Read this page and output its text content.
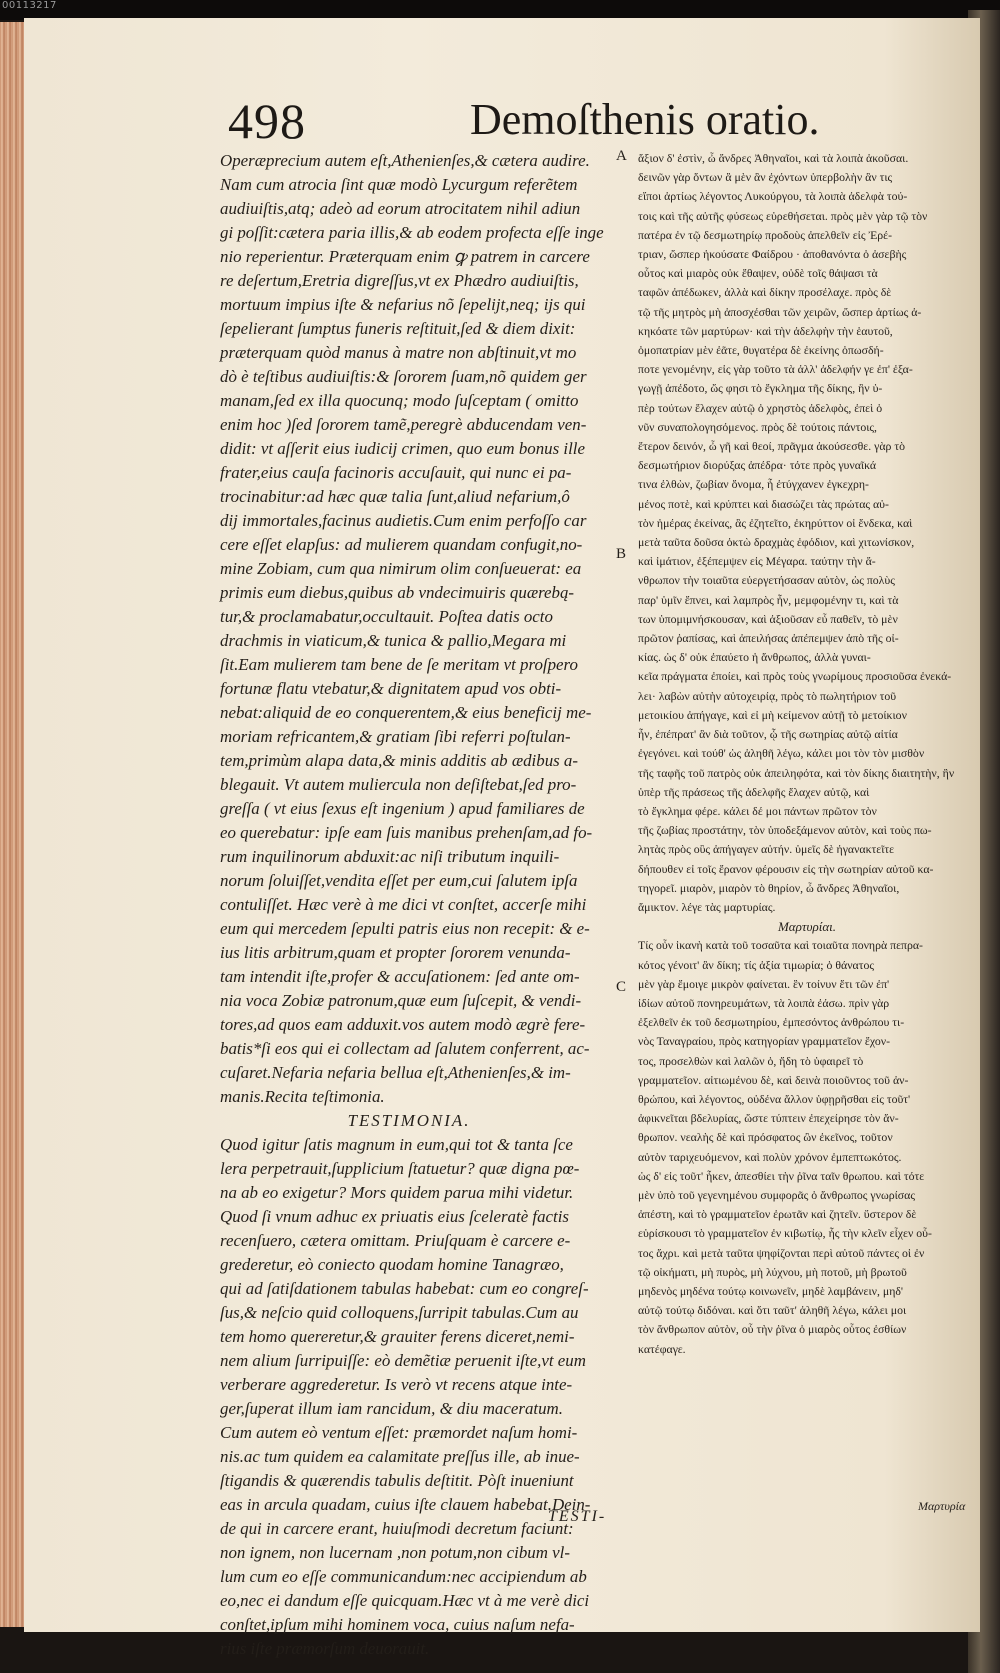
00113217
498	Demoſthenis oratio.
A
B
C
Operæprecium autem eſt,Athenienſes,& cætera audire.
Nam cum atrocia ſint quæ modò Lycurgum referẽtem
audiuiſtis,atq; adeò ad eorum atrocitatem nihil adiun
gi poſſit:cætera paria illis,& ab eodem profecta eſſe inge
nio reperientur. Præterquam enim ꝙ patrem in carcere
re deſertum,Eretria digreſſus,vt ex Phædro audiuiſtis,
mortuum impius iſte & nefarius nõ ſepelijt,neq; ijs qui
ſepelierant ſumptus funeris reſtituit,ſed & diem dixit:
præterquam quòd manus à matre non abſtinuit,vt mo
dò è teſtibus audiuiſtis:& ſororem ſuam,nõ quidem ger
manam,ſed ex illa quocunq; modo ſuſceptam ( omitto
enim hoc )ſed ſororem tamẽ,peregrè abducendam ven-
didit: vt aſſerit eius iudicij crimen, quo eum bonus ille
frater,eius cauſa facinoris accuſauit, qui nunc ei pa-
trocinabitur:ad hæc quæ talia ſunt,aliud nefarium,ô
dij immortales,facinus audietis.Cum enim perfoſſo car
cere eſſet elapſus: ad mulierem quandam confugit,no-
mine Zobiam, cum qua nimirum olim conſueuerat: ea
primis eum diebus,quibus ab vndecimuiris quærebą-
tur,& proclamabatur,occultauit. Poſtea datis octo
drachmis in viaticum,& tunica & pallio,Megara mi
ſit.Eam mulierem tam bene de ſe meritam vt proſpero
fortunæ flatu vtebatur,& dignitatem apud vos obti-
nebat:aliquid de eo conquerentem,& eius beneficij me-
moriam refricantem,& gratiam ſibi referri poſtulan-
tem,primùm alapa data,& minis additis ab ædibus a-
blegauit. Vt autem muliercula non deſiſtebat,ſed pro-
greſſa ( vt eius ſexus eſt ingenium ) apud familiares de
eo querebatur: ipſe eam ſuis manibus prehenſam,ad fo-
rum inquilinorum abduxit:ac niſi tributum inquili-
norum ſoluiſſet,vendita eſſet per eum,cui ſalutem ipſa
contuliſſet. Hæc verè à me dici vt conſtet, accerſe mihi
eum qui mercedem ſepulti patris eius non recepit: & e-
ius litis arbitrum,quam et propter ſororem venunda-
tam intendit iſte,profer & accuſationem: ſed ante om-
nia voca Zobiæ patronum,quæ eum ſuſcepit, & vendi-
tores,ad quos eam adduxit.vos autem modò ægrè fere-
batis*ſi eos qui ei collectam ad ſalutem conferrent, ac-
cuſaret.Nefaria nefaria bellua eſt,Athenienſes,& im-
manis.Recita teſtimonia.
TESTIMONIA.
Quod igitur ſatis magnum in eum,qui tot & tanta ſce
lera perpetrauit,ſupplicium ſtatuetur? quæ digna pœ-
na ab eo exigetur? Mors quidem parua mihi videtur.
Quod ſi vnum adhuc ex priuatis eius ſceleratè factis
recenſuero, cætera omittam. Priuſquam è carcere e-
grederetur, eò coniecto quodam homine Tanagræo,
qui ad ſatiſdationem tabulas habebat: cum eo congreſ-
ſus,& neſcio quid colloquens,ſurripit tabulas.Cum au
tem homo quereretur,& grauiter ferens diceret,nemi-
nem alium ſurripuiſſe: eò demẽtiæ peruenit iſte,vt eum
verberare aggrederetur. Is verò vt recens atque inte-
ger,ſuperat illum iam rancidum, & diu maceratum.
Cum autem eò ventum eſſet: præmordet naſum homi-
nis.ac tum quidem ea calamitate preſſus ille, ab inue-
ſtigandis & quærendis tabulis deſtitit. Pòſt inueniunt
eas in arcula quadam, cuius iſte clauem habebat.Dein-
de qui in carcere erant, huiuſmodi decretum faciunt:
non ignem, non lucernam ,non potum,non cibum vl-
lum cum eo eſſe communicandum:nec accipiendum ab
eo,nec ei dandum eſſe quicquam.Hæc vt à me verè dici
conſtet,ipſum mihi hominem voca, cuius naſum nefa-
rius iſte præmorſum deuorauit.
ἄξιον δ' ἐστὶν, ὦ ἄνδρες Ἀθηναῖοι, καὶ τὰ λοιπὰ ἀκοῦσαι.
δεινῶν γὰρ ὄντων ἃ μὲν ἂν ἐχόντων ὑπερβολὴν ἂν τις
εἴποι ἀρτίως λέγοντος Λυκούργου, τὰ λοιπὰ ἀδελφὰ τού-
τοις καὶ τῆς αὐτῆς φύσεως εὑρεθήσεται. πρὸς μὲν γὰρ τῷ τὸν
πατέρα ἐν τῷ δεσμωτηρίῳ προδοὺς ἀπελθεῖν εἰς Ἐρέ-
τριαν, ὥσπερ ἠκούσατε Φαίδρου · ἀποθανόντα ὁ ἀσεβὴς
οὗτος καὶ μιαρὸς οὐκ ἔθαψεν, οὐδὲ τοῖς θάψασι τὰ
ταφῶν ἀπέδωκεν, ἀλλὰ καὶ δίκην προσέλαχε. πρὸς δὲ
τῷ τῆς μητρὸς μὴ ἀποσχέσθαι τῶν χειρῶν, ὥσπερ ἀρτίως ἀ-
κηκόατε τῶν μαρτύρων· καὶ τὴν ἀδελφὴν τὴν ἑαυτοῦ,
ὁμοπατρίαν μὲν ἐᾶτε, θυγατέρα δὲ ἐκείνης ὁπωσδή-
ποτε γενομένην, εἰς γὰρ τοῦτο τὰ ἀλλ' ἀδελφήν γε ἐπ' ἐξα-
γωγῇ ἀπέδοτο, ὥς φησι τὸ ἔγκλημα τῆς δίκης, ἣν ὑ-
πὲρ τούτων ἔλαχεν αὐτῷ ὁ χρηστὸς ἀδελφὸς, ἐπεὶ ὁ
νῦν συναπολογησόμενος. πρὸς δὲ τούτοις πάντοις,
ἕτερον δεινόν, ὦ γῆ καὶ θεοί, πρᾶγμα ἀκούσεσθε. γὰρ τὸ
δεσμωτήριον διορύξας ἀπέδρα· τότε πρὸς γυναῖκά
τινα ἐλθὼν, ζωβίαν ὄνομα, ἧ ἐτύγχανεν ἐγκεχρη-
μένος ποτὲ, καὶ κρύπτει καὶ διασώζει τὰς πρώτας αὐ-
τὸν ἡμέρας ἐκείνας, ἃς ἐζητεῖτο, ἐκηρύττον οἱ ἕνδεκα, καὶ
μετὰ ταῦτα δοῦσα ὀκτὼ δραχμὰς ἐφόδιον, καὶ χιτωνίσκον,
καὶ ἱμάτιον, ἐξέπεμψεν εἰς Μέγαρα. ταύτην τὴν ἄ-
νθρωπον τὴν τοιαῦτα εὐεργετήσασαν αὐτὸν, ὡς πολὺς
παρ' ὑμῖν ἔπνει, καὶ λαμπρὸς ἦν, μεμφομένην τι, καὶ τὰ
των ὑπομιμνήσκουσαν, καὶ ἀξιοῦσαν εὖ παθεῖν, τὸ μὲν
πρῶτον ῥαπίσας, καὶ ἀπειλήσας ἀπέπεμψεν ἀπὸ τῆς οἰ-
κίας. ὡς δ' οὐκ ἐπαύετο ἡ ἄνθρωπος, ἀλλὰ γυναι-
κεῖα πράγματα ἐποίει, καὶ πρὸς τοὺς γνωρίμους προσιοῦσα ἐνεκά-
λει· λαβὼν αὐτὴν αὐτοχειρίᾳ, πρὸς τὸ πωλητήριον τοῦ
μετοικίου ἀπήγαγε, καὶ εἰ μὴ κείμενον αὐτῇ τὸ μετοίκιον
ἦν, ἐπέπρατ' ἂν διὰ τοῦτον, ᾧ τῆς σωτηρίας αὐτῷ αἰτία
ἐγεγόνει. καὶ τούθ' ὡς ἀληθῆ λέγω, κάλει μοι τὸν τὸν μισθὸν
τῆς ταφῆς τοῦ πατρὸς οὐκ ἀπειληφότα, καὶ τὸν δίκης διαιτητὴν, ἣν
ὑπὲρ τῆς πράσεως τῆς ἀδελφῆς ἔλαχεν αὐτῷ, καὶ
τὸ ἔγκλημα φέρε. κάλει δέ μοι πάντων πρῶτον τὸν
τῆς ζωβίας προστάτην, τὸν ὑποδεξάμενον αὐτὸν, καὶ τοὺς πω-
λητὰς πρὸς οὓς ἀπήγαγεν αὐτήν. ὑμεῖς δὲ ἠγανακτεῖτε
δήπουθεν εἰ τοῖς ἔρανον φέρουσιν εἰς τὴν σωτηρίαν αὐτοῦ κα-
τηγορεῖ. μιαρὸν, μιαρὸν τὸ θηρίον, ὦ ἄνδρες Ἀθηναῖοι,
ἄμικτον. λέγε τὰς μαρτυρίας.
Μαρτυρίαι.
Τίς οὖν ἱκανὴ κατὰ τοῦ τοσαῦτα καὶ τοιαῦτα πονηρὰ πεπρα-
κότος γένοιτ' ἂν δίκη; τίς ἀξία τιμωρία; ὁ θάνατος
μὲν γὰρ ἔμοιγε μικρὸν φαίνεται. ἓν τοίνυν ἔτι τῶν ἐπ'
ἰδίων αὐτοῦ πονηρευμάτων, τὰ λοιπὰ ἐάσω. πρὶν γὰρ
ἐξελθεῖν ἐκ τοῦ δεσμωτηρίου, ἐμπεσόντος ἀνθρώπου τι-
νὸς Ταναγραίου, πρὸς κατηγορίαν γραμματεῖον ἔχον-
τος, προσελθὼν καὶ λαλῶν ὁ, ἤδη τὸ ὑφαιρεῖ τὸ
γραμματεῖον. αἰτιωμένου δὲ, καὶ δεινὰ ποιοῦντος τοῦ ἀν-
θρώπου, καὶ λέγοντος, οὐδένα ἄλλον ὑφῃρῆσθαι εἰς τοῦτ'
ἀφικνεῖται βδελυρίας, ὥστε τύπτειν ἐπεχείρησε τὸν ἄν-
θρωπον. νεαλὴς δὲ καὶ πρόσφατος ὢν ἐκεῖνος, τοῦτον
αὐτὸν ταριχευόμενον, καὶ πολὺν χρόνον ἐμπεπτωκότος.
ὡς δ' εἰς τοῦτ' ἧκεν, ἀπεσθίει τὴν ῥῖνα ταῖν θρωπου. καὶ τότε
μὲν ὑπὸ τοῦ γεγενημένου συμφορᾶς ὁ ἄνθρωπος γνωρίσας
ἀπέστη, καὶ τὸ γραμματεῖον ἐρωτᾶν καὶ ζητεῖν. ὕστερον δὲ
εὑρίσκουσι τὸ γραμματεῖον ἐν κιβωτίῳ, ἧς τὴν κλεῖν εἶχεν οὗ-
τος ἄχρι. καὶ μετὰ ταῦτα ψηφίζονται περὶ αὐτοῦ πάντες οἱ ἐν
τῷ οἰκήματι, μὴ πυρὸς, μὴ λύχνου, μὴ ποτοῦ, μὴ βρωτοῦ
μηδενὸς μηδένα τούτῳ κοινωνεῖν, μηδὲ λαμβάνειν, μηδ'
αὐτῷ τούτῳ διδόναι. καὶ ὅτι ταῦτ' ἀληθῆ λέγω, κάλει μοι
τὸν ἄνθρωπον αὐτὸν, οὗ τὴν ῥῖνα ὁ μιαρὸς οὗτος ἐσθίων
κατέφαγε.
TESTI-
Μαρτυρία
